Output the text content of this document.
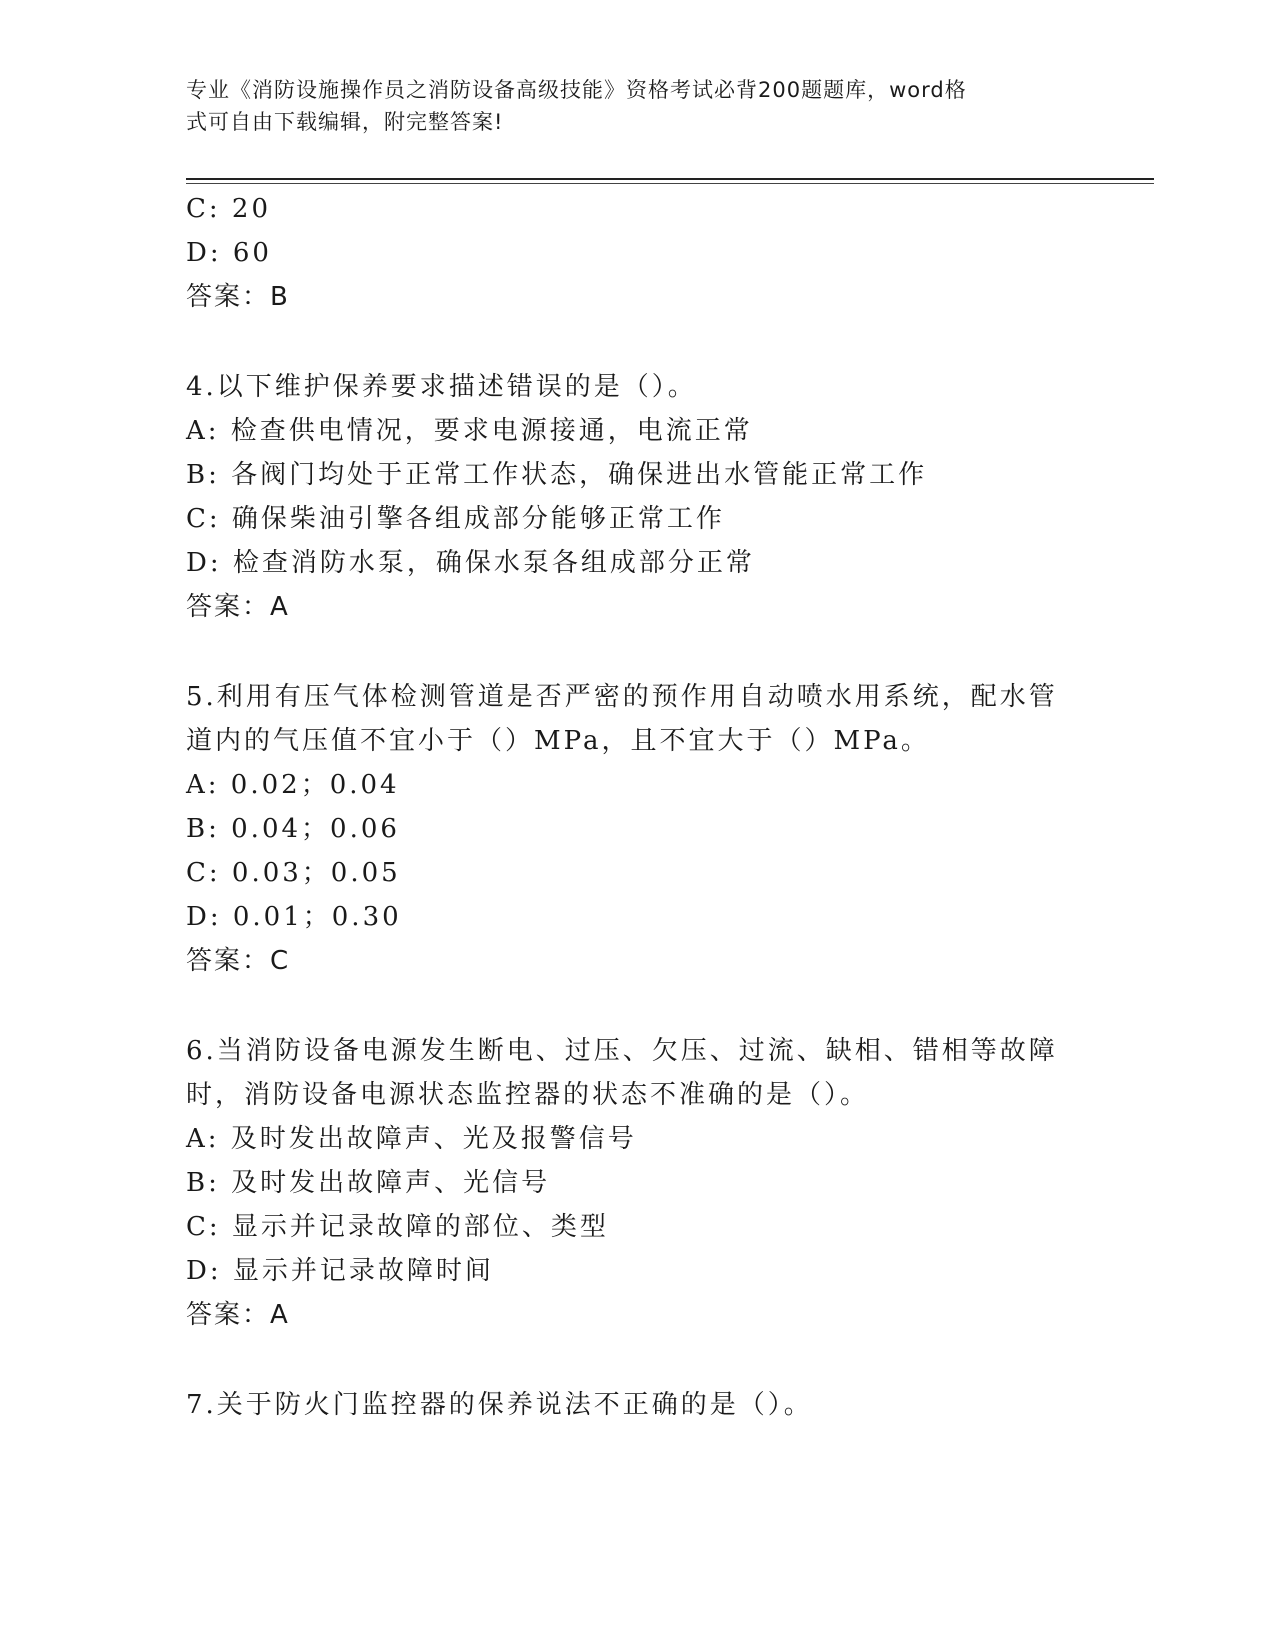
专业《消防设施操作员之消防设备高级技能》资格考试必背200题题库，word格
式可自由下载编辑，附完整答案!
C: 20
D: 60
答案：B
4.以下维护保养要求描述错误的是（）。
A: 检查供电情况，要求电源接通，电流正常
B: 各阀门均处于正常工作状态，确保进出水管能正常工作
C: 确保柴油引擎各组成部分能够正常工作
D: 检查消防水泵，确保水泵各组成部分正常
答案：A
5.利用有压气体检测管道是否严密的预作用自动喷水用系统，配水管
道内的气压值不宜小于（）MPa，且不宜大于（）MPa。
A: 0.02；0.04
B: 0.04；0.06
C: 0.03；0.05
D: 0.01；0.30
答案：C
6.当消防设备电源发生断电、过压、欠压、过流、缺相、错相等故障
时，消防设备电源状态监控器的状态不准确的是（）。
A: 及时发出故障声、光及报警信号
B: 及时发出故障声、光信号
C: 显示并记录故障的部位、类型
D: 显示并记录故障时间
答案：A
7.关于防火门监控器的保养说法不正确的是（）。
